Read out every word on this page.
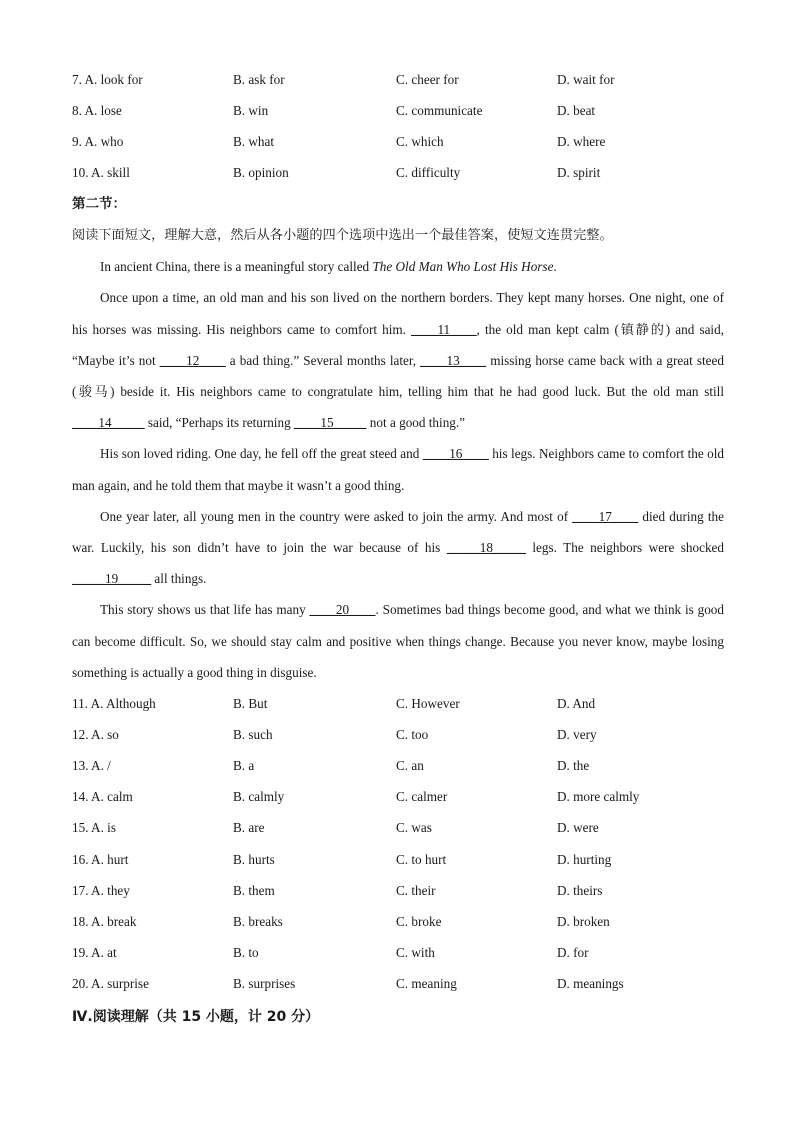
7. A. look for	B. ask for	C. cheer for	D. wait for
8. A. lose	B. win	C. communicate	D. beat
9. A. who	B. what	C. which	D. where
10. A. skill	B. opinion	C. difficulty	D. spirit
第二节：
阅读下面短文，理解大意，然后从各小题的四个选项中选出一个最佳答案，使短文连贯完整。

In ancient China, there is a meaningful story called The Old Man Who Lost His Horse.

Once upon a time, an old man and his son lived on the northern borders. They kept many horses. One night, one of his horses was missing. His neighbors came to comfort him. ____11____, the old man kept calm (镇静的) and said, “Maybe it’s not ____12____ a bad thing.” Several months later, ____13____ missing horse came back with a great steed (骏马) beside it. His neighbors came to congratulate him, telling him that he had good luck. But the old man still ____14_____ said, “Perhaps its returning ____15_____ not a good thing.”

His son loved riding. One day, he fell off the great steed and ____16____ his legs. Neighbors came to comfort the old man again, and he told them that maybe it wasn’t a good thing.

One year later, all young men in the country were asked to join the army. And most of ____17____ died during the war. Luckily, his son didn’t have to join the war because of his _____18_____ legs. The neighbors were shocked _____19_____ all things.

This story shows us that life has many ____20____. Sometimes bad things become good, and what we think is good can become difficult. So, we should stay calm and positive when things change. Because you never know, maybe losing something is actually a good thing in disguise.

11. A. Although	B. But	C. However	D. And
12. A. so	B. such	C. too	D. very
13. A. /	B. a	C. an	D. the
14. A. calm	B. calmly	C. calmer	D. more calmly
15. A. is	B. are	C. was	D. were
16. A. hurt	B. hurts	C. to hurt	D. hurting
17. A. they	B. them	C. their	D. theirs
18. A. break	B. breaks	C. broke	D. broken
19. A. at	B. to	C. with	D. for
20. A. surprise	B. surprises	C. meaning	D. meanings
Ⅳ.阅读理解（共 15 小题，计 20 分）
